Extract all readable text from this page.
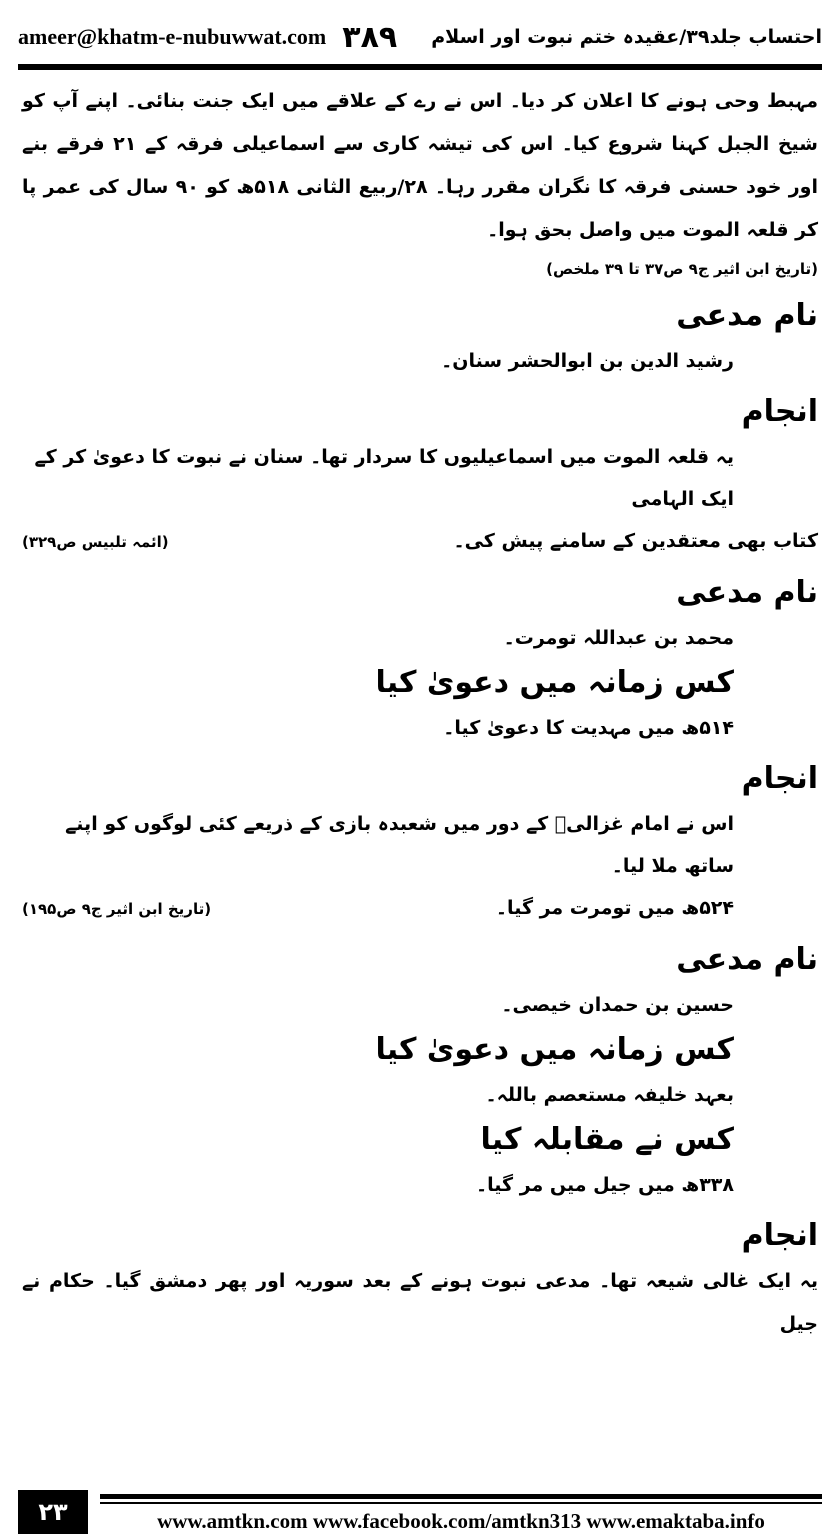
ameer@khatm-e-nubuwwat.com ۳۸۹ احتساب جلد۳۹/عقیدہ ختم نبوت اور اسلام

مہبط وحی ہونے کا اعلان کر دیا۔ اس نے رے کے علاقے میں ایک جنت بنائی۔ اپنے آپ کو شیخ الجبل کہنا شروع کیا۔ اس کی تیشہ کاری سے اسماعیلی فرقہ کے ۲۱ فرقے بنے اور خود حسنی فرقہ کا نگران مقرر رہا۔ ۲۸/ربیع الثانی ۵۱۸ھ کو ۹۰ سال کی عمر پا کر قلعہ الموت میں واصل بحق ہوا۔

(تاریخ ابن اثیر ج۹ ص۳۷ تا ۳۹ ملخص)
نام مدعی
رشید الدین بن ابوالحشر سنان۔
انجام
یہ قلعہ الموت میں اسماعیلیوں کا سردار تھا۔ سنان نے نبوت کا دعویٰ کر کے ایک الہامی
کتاب بھی معتقدین کے سامنے پیش کی۔
(ائمہ تلبیس ص۳۲۹)
نام مدعی
محمد بن عبداللہ تومرت۔
کس زمانہ میں دعویٰ کیا
۵۱۴ھ میں مہدیت کا دعویٰ کیا۔
انجام
اس نے امام غزالیؒ کے دور میں شعبدہ بازی کے ذریعے کئی لوگوں کو اپنے ساتھ ملا لیا۔
۵۲۴ھ میں تومرت مر گیا۔
(تاریخ ابن اثیر ج۹ ص۱۹۵)
نام مدعی
حسین بن حمدان خیصی۔
کس زمانہ میں دعویٰ کیا
بعہد خلیفہ مستعصم باللہ۔
کس نے مقابلہ کیا
۳۳۸ھ میں جیل میں مر گیا۔
انجام
یہ ایک غالی شیعہ تھا۔ مدعی نبوت ہونے کے بعد سوریہ اور پھر دمشق گیا۔ حکام نے جیل
۲۳	www.amtkn.com www.facebook.com/amtkn313 www.emaktaba.info
